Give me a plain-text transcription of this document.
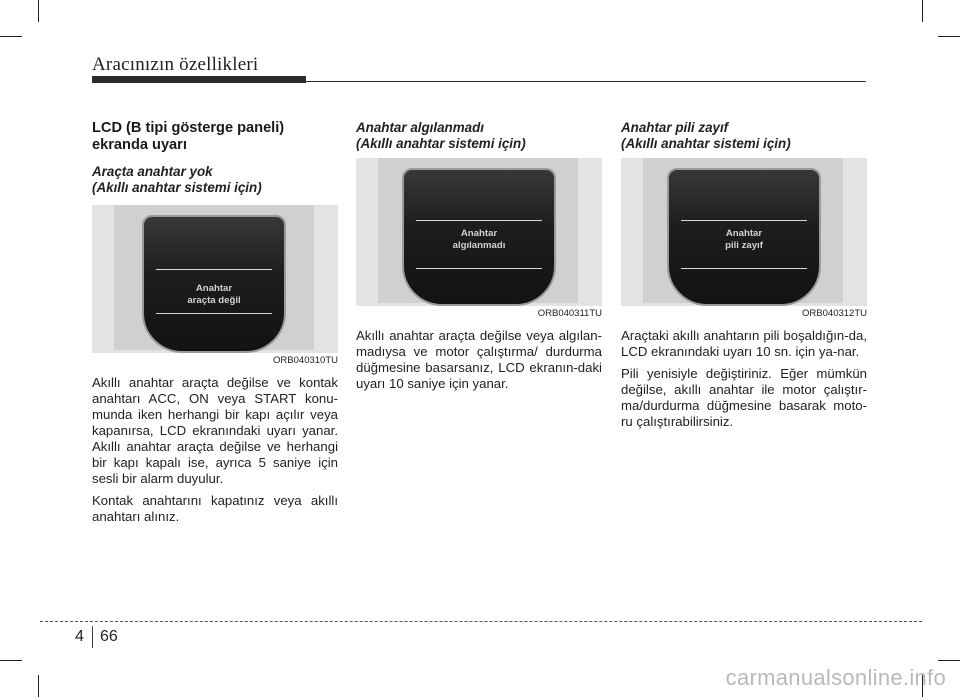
Aracınızın özellikleri
LCD (B tipi gösterge paneli) ekranda uyarı

Araçta anahtar yok

(Akıllı anahtar sistemi için)

Anahtar
araçta değil
ORB040310TU

Akıllı anahtar araçta değilse ve kontak anahtarı ACC, ON veya START konu-munda iken herhangi bir kapı açılır veya kapanırsa, LCD ekranındaki uyarı yanar. Akıllı anahtar araçta değilse ve herhangi bir kapı kapalı ise, ayrıca 5 saniye için sesli bir alarm duyulur.

Kontak anahtarını kapatınız veya akıllı anahtarı alınız.

Anahtar algılanmadı

(Akıllı anahtar sistemi için)

Anahtar
algılanmadı
ORB040311TU

Akıllı anahtar araçta değilse veya algılan-madıysa ve motor çalıştırma/ durdurma düğmesine basarsanız, LCD ekranın-daki uyarı 10 saniye için yanar.

Anahtar pili zayıf

(Akıllı anahtar sistemi için)

Anahtar
pili zayıf
ORB040312TU

Araçtaki akıllı anahtarın pili boşaldığın-da, LCD ekranındaki uyarı 10 sn. için ya-nar.

Pili yenisiyle değiştiriniz. Eğer mümkün değilse, akıllı anahtar ile motor çalıştır-ma/durdurma düğmesine basarak moto-ru çalıştırabilirsiniz.

4 66
carmanualsonline.info
